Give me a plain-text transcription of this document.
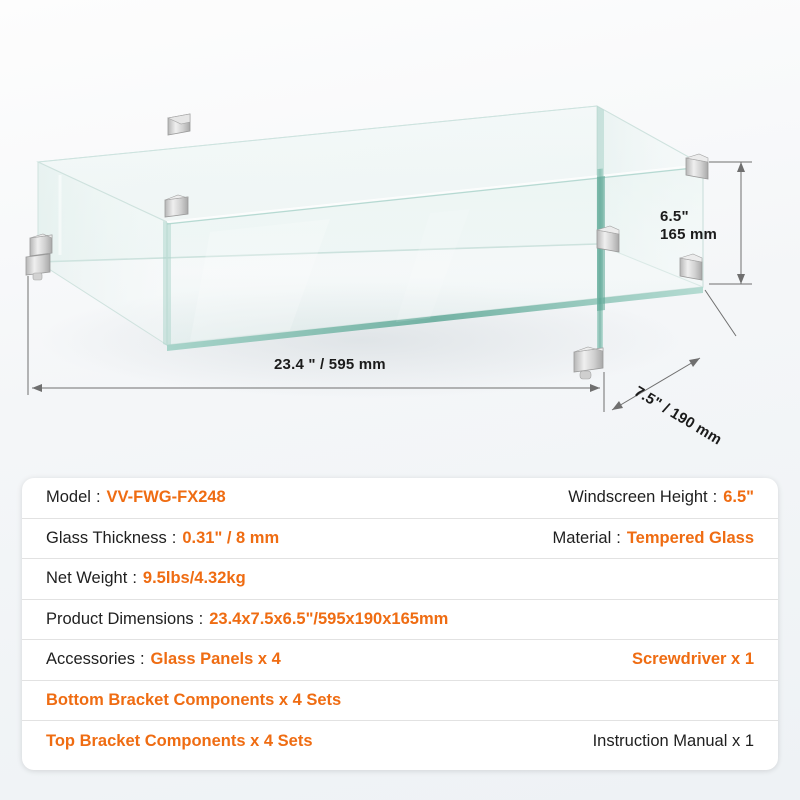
6.5"
165 mm
23.4 " / 595 mm
7.5" / 190 mm
Model : VV-FWG-FX248	Windscreen Height : 6.5"
Glass Thickness : 0.31" / 8 mm	Material : Tempered Glass
Net Weight : 9.5lbs/4.32kg
Product Dimensions : 23.4x7.5x6.5"/595x190x165mm
Accessories : Glass Panels x 4	Screwdriver x 1
Bottom Bracket Components x 4 Sets
Top Bracket Components x 4 Sets	Instruction Manual x 1
